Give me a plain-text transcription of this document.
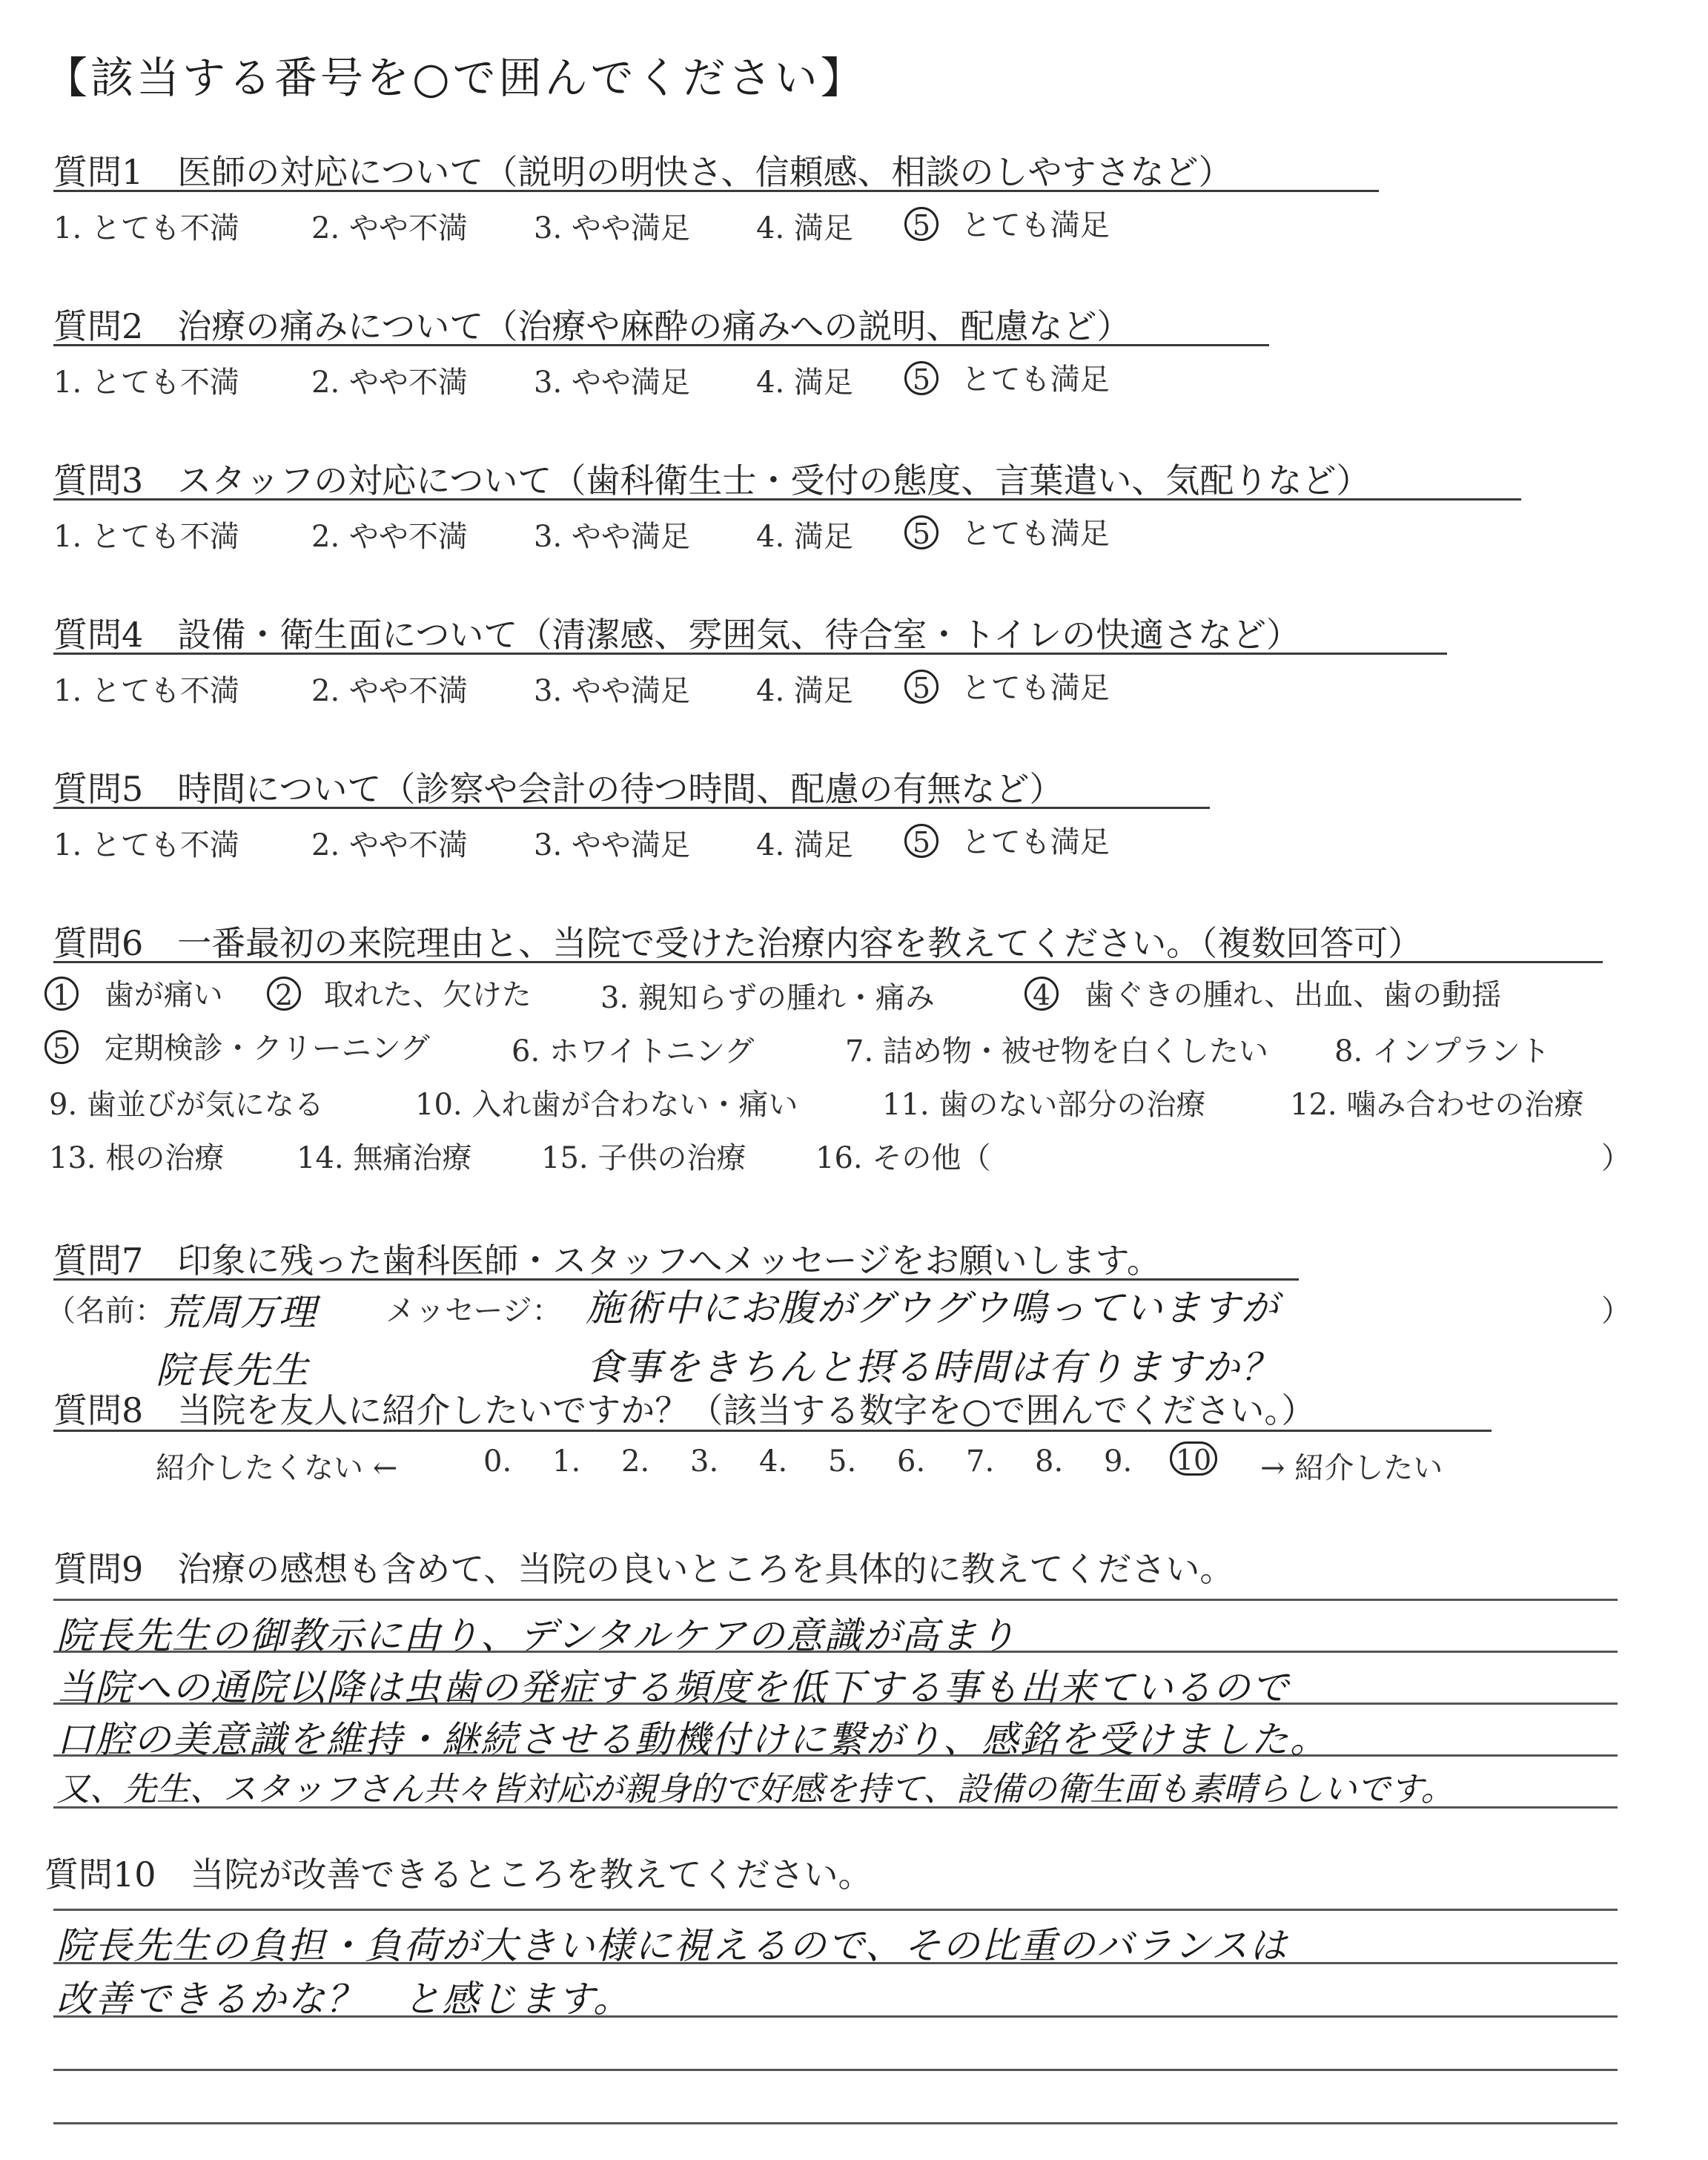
【該当する番号を○で囲んでください】
質問1　医師の対応について（説明の明快さ、信頼感、相談のしやすさなど）
1. とても不満 2. やや不満 3. やや満足 4. 満足 5 とても満足
質問2　治療の痛みについて（治療や麻酔の痛みへの説明、配慮など）
1. とても不満 2. やや不満 3. やや満足 4. 満足 5 とても満足
質問3　スタッフの対応について（歯科衛生士・受付の態度、言葉遣い、気配りなど）
1. とても不満 2. やや不満 3. やや満足 4. 満足 5 とても満足
質問4　設備・衛生面について（清潔感、雰囲気、待合室・トイレの快適さなど）
1. とても不満 2. やや不満 3. やや満足 4. 満足 5 とても満足
質問5　時間について（診察や会計の待つ時間、配慮の有無など）
1. とても不満 2. やや不満 3. やや満足 4. 満足 5 とても満足
質問6　一番最初の来院理由と、当院で受けた治療内容を教えてください。（複数回答可）
1 歯が痛い 2 取れた、欠けた 3. 親知らずの腫れ・痛み	4 歯ぐきの腫れ、出血、歯の動揺
5 定期検診・クリーニング	6. ホワイトニング	7. 詰め物・被せ物を白くしたい 8. インプラント
9. 歯並びが気になる	10. 入れ歯が合わない・痛い	11. 歯のない部分の治療	12. 噛み合わせの治療
13. 根の治療 14. 無痛治療 15. 子供の治療 16. その他（	）
質問7　印象に残った歯科医師・スタッフへメッセージをお願いします。
（名前：
荒周万理
院長先生
メッセージ： 施術中にお腹がグウグウ鳴っていますが
食事をきちんと摂る時間は有りますか？
）
質問8　当院を友人に紹介したいですか？（該当する数字を○で囲んでください。）
紹介したくない ←	0. 1. 2. 3. 4. 5. 6. 7. 8. 9. 10 → 紹介したい
質問9　治療の感想も含めて、当院の良いところを具体的に教えてください。
院長先生の御教示に由り、デンタルケアの意識が高まり
当院への通院以降は虫歯の発症する頻度を低下する事も出来ているので
口腔の美意識を維持・継続させる動機付けに繋がり、感銘を受けました。
又、先生、スタッフさん共々皆対応が親身的で好感を持て、設備の衛生面も素晴らしいです。
質問10　当院が改善できるところを教えてください。
院長先生の負担・負荷が大きい様に視えるので、その比重のバランスは
改善できるかな？　と感じます。
